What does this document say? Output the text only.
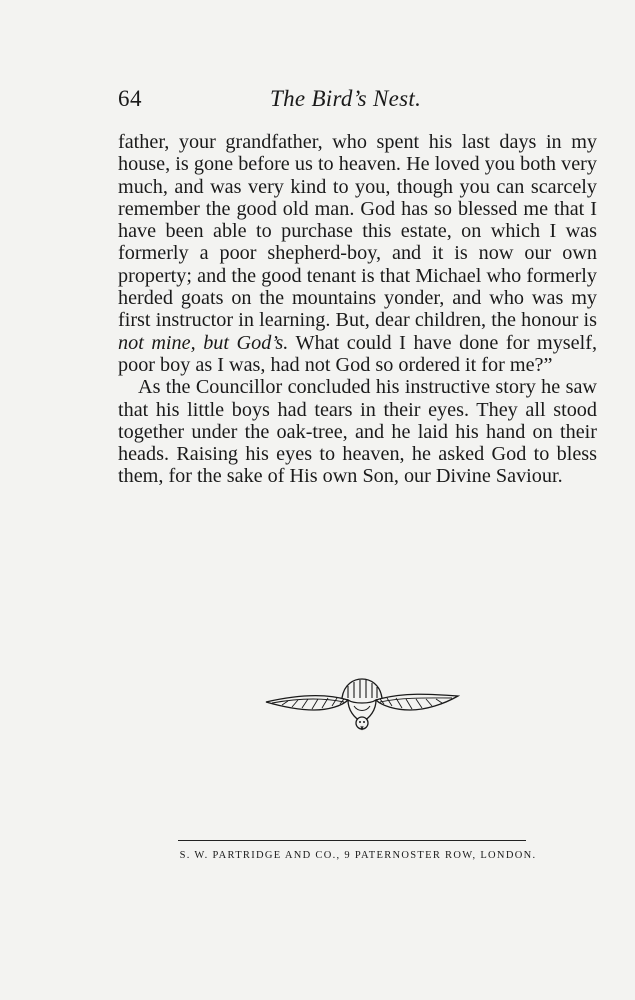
64	The Bird’s Nest.

father, your grandfather, who spent his last days in my house, is gone before us to heaven. He loved you both very much, and was very kind to you, though you can scarcely remember the good old man. God has so blessed me that I have been able to purchase this estate, on which I was formerly a poor shepherd-boy, and it is now our own property; and the good tenant is that Michael who formerly herded goats on the mountains yonder, and who was my first instructor in learning. But, dear children, the honour is not mine, but God’s. What could I have done for myself, poor boy as I was, had not God so ordered it for me?”

As the Councillor concluded his instructive story he saw that his little boys had tears in their eyes. They all stood together under the oak-tree, and he laid his hand on their heads. Raising his eyes to heaven, he asked God to bless them, for the sake of His own Son, our Divine Saviour.

S. W. PARTRIDGE AND CO., 9 PATERNOSTER ROW, LONDON.
